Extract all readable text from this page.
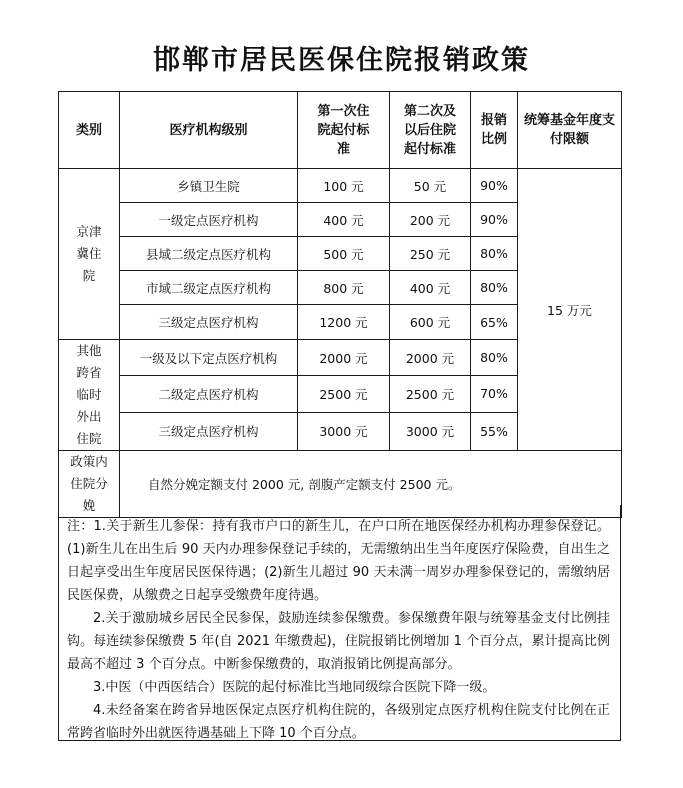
邯郸市居民医保住院报销政策
类别	医疗机构级别	第一次住院起付标准	第二次及以后住院起付标准	报销比例	统筹基金年度支付限额

京津冀住院	乡镇卫生院	100 元	50 元	90%	15 万元
	一级定点医疗机构	400 元	200 元	90%	
	县域二级定点医疗机构	500 元	250 元	80%	
	市域二级定点医疗机构	800 元	400 元	80%	
	三级定点医疗机构	1200 元	600 元	65%	
其他跨省临时外出住院	一级及以下定点医疗机构	2000 元	2000 元	80%	
	二级定点医疗机构	2500 元	2500 元	70%	
	三级定点医疗机构	3000 元	3000 元	55%	
政策内住院分娩	自然分娩定额支付 2000 元, 剖腹产定额支付 2500 元。				

注：1.关于新生儿参保：持有我市户口的新生儿，在户口所在地医保经办机构办理参保登记。(1)新生儿在出生后 90 天内办理参保登记手续的，无需缴纳出生当年度医疗保险费，自出生之日起享受出生年度居民医保待遇；(2)新生儿超过 90 天未满一周岁办理参保登记的，需缴纳居民医保费，从缴费之日起享受缴费年度待遇。

2.关于激励城乡居民全民参保，鼓励连续参保缴费。参保缴费年限与统筹基金支付比例挂钩。每连续参保缴费 5 年(自 2021 年缴费起)，住院报销比例增加 1 个百分点，累计提高比例最高不超过 3 个百分点。中断参保缴费的，取消报销比例提高部分。

3.中医（中西医结合）医院的起付标准比当地同级综合医院下降一级。

4.未经备案在跨省异地医保定点医疗机构住院的，各级别定点医疗机构住院支付比例在正常跨省临时外出就医待遇基础上下降 10 个百分点。
